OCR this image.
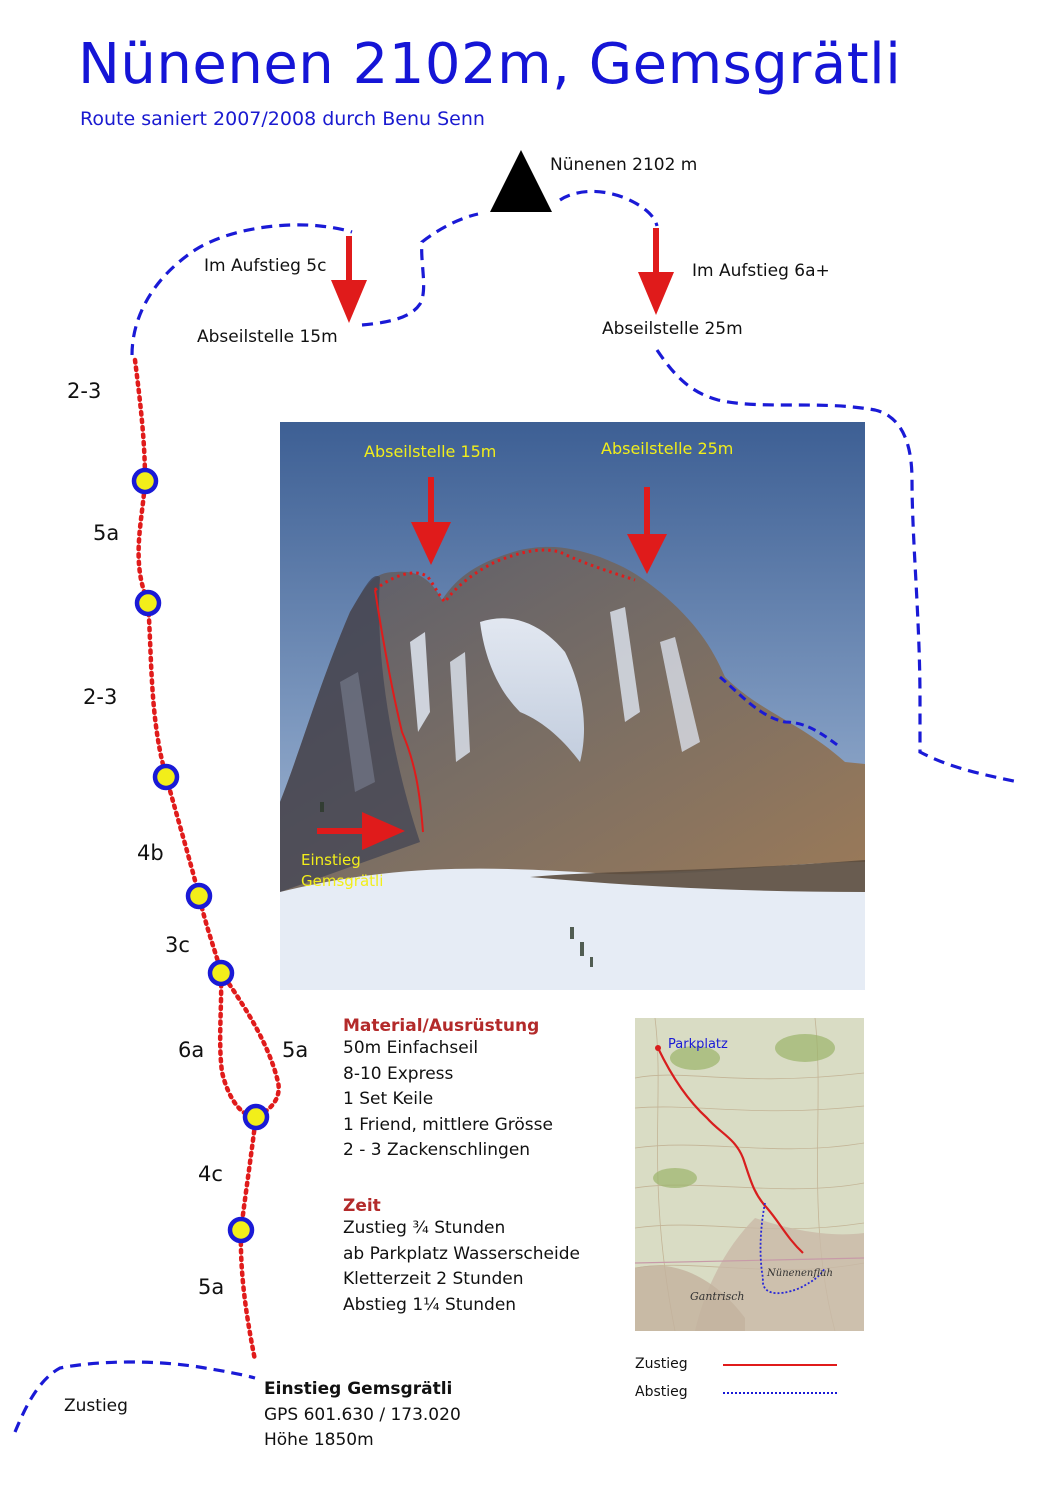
Nünenen 2102m, Gemsgrätli
Route saniert 2007/2008 durch Benu Senn
Nünenen 2102 m
Im Aufstieg 5c
Abseilstelle 15m
Im Aufstieg 6a+
Abseilstelle 25m
Zustieg
2-3
5a
2-3
4b
3c
6a	5a
4c
5a
Abseilstelle 15m	Abseilstelle 25m
Einstieg
Gemsgrätli
Material/Ausrüstung
50m Einfachseil
8-10 Express
1 Set Keile
1 Friend, mittlere Grösse
2 - 3 Zackenschlingen
Zeit
Zustieg ¾ Stunden
ab Parkplatz Wasserscheide
Kletterzeit 2 Stunden
Abstieg 1¼ Stunden
Parkplatz
Nünenenfluh
Gantrisch
Zustieg
Abstieg
Einstieg Gemsgrätli
GPS 601.630 / 173.020
Höhe 1850m
